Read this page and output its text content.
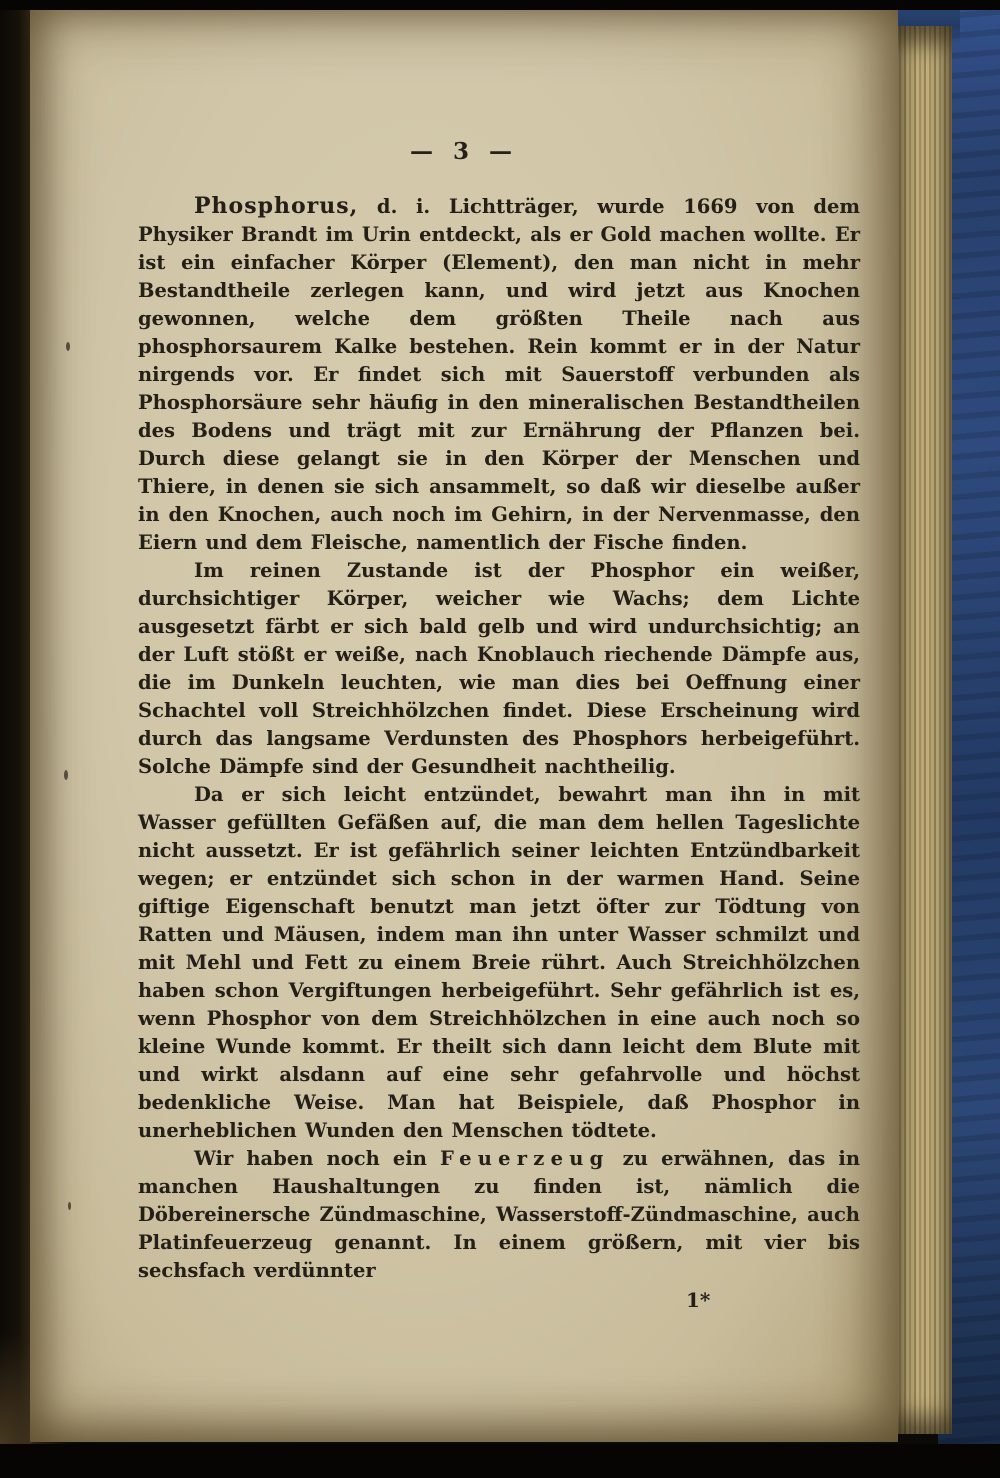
— 3 —

Phosphorus, d. i. Lichtträger, wurde 1669 von dem Physiker Brandt im Urin entdeckt, als er Gold machen wollte. Er ist ein einfacher Körper (Element), den man nicht in mehr Bestandtheile zerlegen kann, und wird jetzt aus Knochen gewonnen, welche dem größten Theile nach aus phosphorsaurem Kalke bestehen. Rein kommt er in der Natur nirgends vor. Er findet sich mit Sauerstoff verbunden als Phosphorsäure sehr häufig in den mineralischen Bestandtheilen des Bodens und trägt mit zur Ernährung der Pflanzen bei. Durch diese gelangt sie in den Körper der Menschen und Thiere, in denen sie sich ansammelt, so daß wir dieselbe außer in den Knochen, auch noch im Gehirn, in der Nervenmasse, den Eiern und dem Fleische, namentlich der Fische finden.

Im reinen Zustande ist der Phosphor ein weißer, durchsichtiger Körper, weicher wie Wachs; dem Lichte ausgesetzt färbt er sich bald gelb und wird undurchsichtig; an der Luft stößt er weiße, nach Knoblauch riechende Dämpfe aus, die im Dunkeln leuchten, wie man dies bei Oeffnung einer Schachtel voll Streichhölzchen findet. Diese Erscheinung wird durch das langsame Verdunsten des Phosphors herbeigeführt. Solche Dämpfe sind der Gesundheit nachtheilig.

Da er sich leicht entzündet, bewahrt man ihn in mit Wasser gefüllten Gefäßen auf, die man dem hellen Tageslichte nicht aussetzt. Er ist gefährlich seiner leichten Entzündbarkeit wegen; er entzündet sich schon in der warmen Hand. Seine giftige Eigenschaft benutzt man jetzt öfter zur Tödtung von Ratten und Mäusen, indem man ihn unter Wasser schmilzt und mit Mehl und Fett zu einem Breie rührt. Auch Streichhölzchen haben schon Vergiftungen herbeigeführt. Sehr gefährlich ist es, wenn Phosphor von dem Streichhölzchen in eine auch noch so kleine Wunde kommt. Er theilt sich dann leicht dem Blute mit und wirkt alsdann auf eine sehr gefahrvolle und höchst bedenkliche Weise. Man hat Beispiele, daß Phosphor in unerheblichen Wunden den Menschen tödtete.

Wir haben noch ein Feuerzeug zu erwähnen, das in manchen Haushaltungen zu finden ist, nämlich die Döbereinersche Zündmaschine, Wasserstoff-Zündmaschine, auch Platinfeuerzeug genannt. In einem größern, mit vier bis sechsfach verdünnter

1*
